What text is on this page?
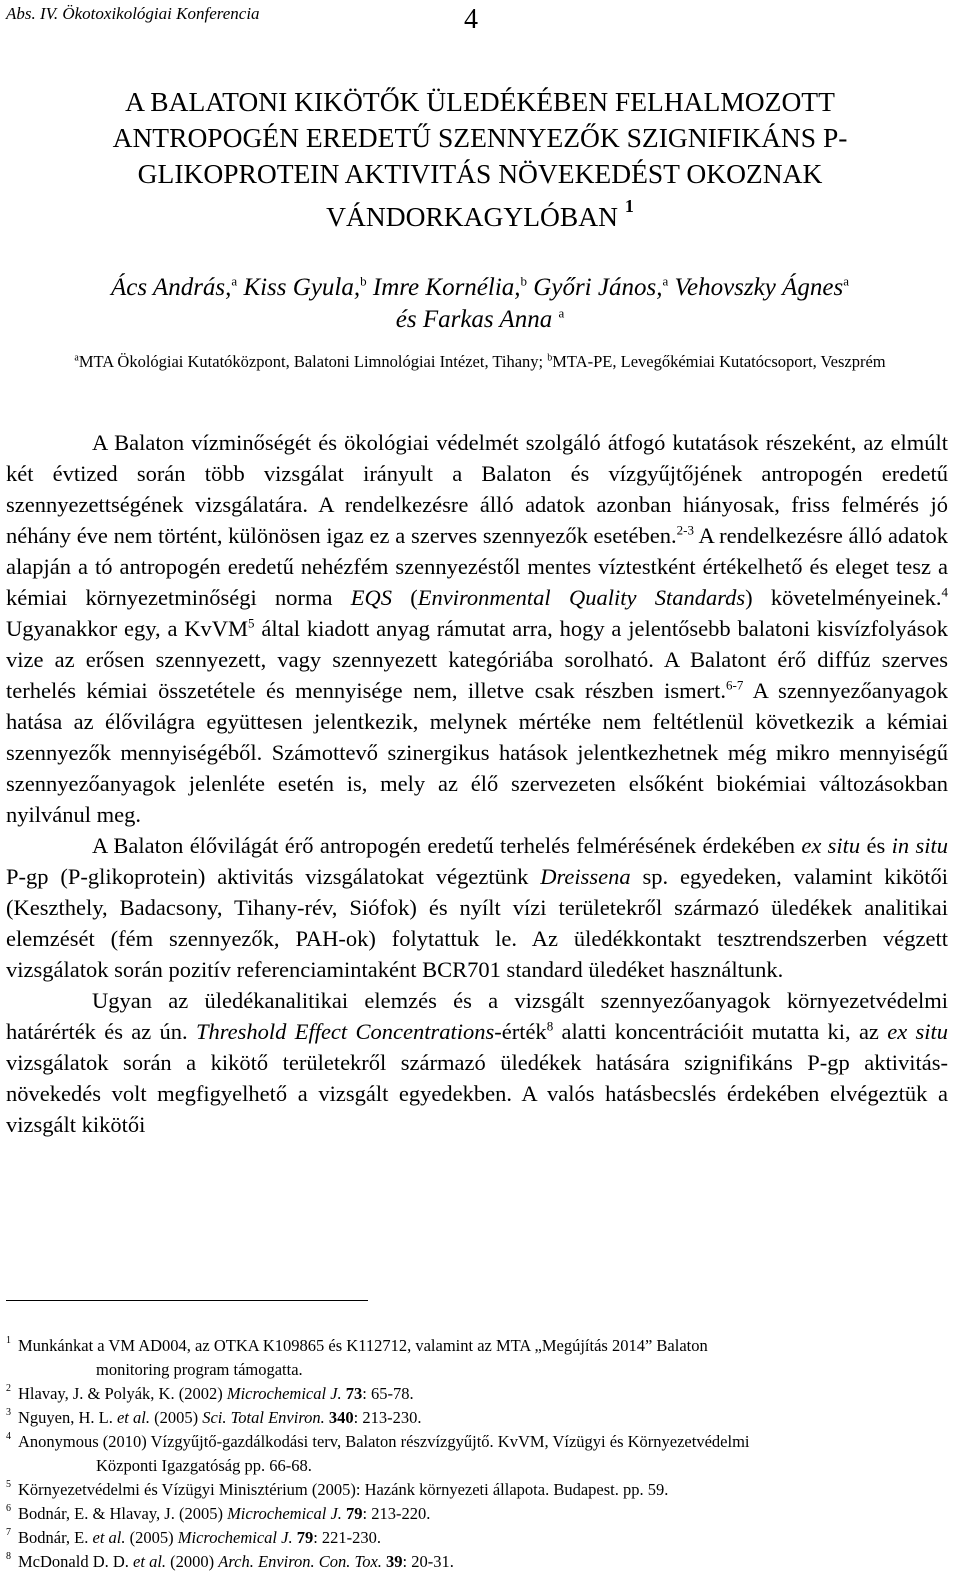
Abs. IV. Ökotoxikológiai Konferencia	4
A BALATONI KIKÖTŐK ÜLEDÉKÉBEN FELHALMOZOTT ANTROPOGÉN EREDETŰ SZENNYEZŐK SZIGNIFIKÁNS P-GLIKOPROTEIN AKTIVITÁS NÖVEKEDÉST OKOZNAK VÁNDORKAGYLÓBAN $^1$
Ács András,$^a$ Kiss Gyula,$^b$ Imre Kornélia,$^b$ Győri János,$^a$ Vehovszky Ágnes$^a$
és Farkas Anna $^a$
$^a$MTA Ökológiai Kutatóközpont, Balatoni Limnológiai Intézet, Tihany; $^b$MTA-PE, Levegőkémiai Kutatócsoport, Veszprém

A Balaton vízminőségét és ökológiai védelmét szolgáló átfogó kutatások részeként, az elmúlt két évtized során több vizsgálat irányult a Balaton és vízgyűjtőjének antropogén eredetű szennyezettségének vizsgálatára. A rendelkezésre álló adatok azonban hiányosak, friss felmérés jó néhány éve nem történt, különösen igaz ez a szerves szennyezők esetében.$^{2-3}$ A rendelkezésre álló adatok alapján a tó antropogén eredetű nehézfém szennyezéstől mentes víztestként értékelhető és eleget tesz a kémiai környezetminőségi norma EQS (Environmental Quality Standards) követelményeinek.$^4$ Ugyanakkor egy, a KvVM$^5$ által kiadott anyag rámutat arra, hogy a jelentősebb balatoni kisvízfolyások vize az erősen szennyezett, vagy szennyezett kategóriába sorolható. A Balatont érő diffúz szerves terhelés kémiai összetétele és mennyisége nem, illetve csak részben ismert.$^{6-7}$ A szennyezőanyagok hatása az élővilágra együttesen jelentkezik, melynek mértéke nem feltétlenül következik a kémiai szennyezők mennyiségéből. Számottevő szinergikus hatások jelentkezhetnek még mikro mennyiségű szennyezőanyagok jelenléte esetén is, mely az élő szervezeten elsőként biokémiai változásokban nyilvánul meg.

A Balaton élővilágát érő antropogén eredetű terhelés felmérésének érdekében ex situ és in situ P-gp (P-glikoprotein) aktivitás vizsgálatokat végeztünk Dreissena sp. egyedeken, valamint kikötői (Keszthely, Badacsony, Tihany-rév, Siófok) és nyílt vízi területekről származó üledékek analitikai elemzését (fém szennyezők, PAH-ok) folytattuk le. Az üledékkontakt tesztrendszerben végzett vizsgálatok során pozitív referenciamintaként BCR701 standard üledéket használtunk.

Ugyan az üledékanalitikai elemzés és a vizsgált szennyezőanyagok környezetvédelmi határérték és az ún. Threshold Effect Concentrations-érték$^8$ alatti koncentrációit mutatta ki, az ex situ vizsgálatok során a kikötő területekről származó üledékek hatására szignifikáns P-gp aktivitás-növekedés volt megfigyelhető a vizsgált egyedekben. A valós hatásbecslés érdekében elvégeztük a vizsgált kikötői

1 Munkánkat a VM AD004, az OTKA K109865 és K112712, valamint az MTA „Megújítás 2014” Balaton
monitoring program támogatta.
2 Hlavay, J. & Polyák, K. (2002) Microchemical J. 73: 65-78.
3 Nguyen, H. L. et al. (2005) Sci. Total Environ. 340: 213-230.
4 Anonymous (2010) Vízgyűjtő-gazdálkodási terv, Balaton részvízgyűjtő. KvVM, Vízügyi és Környezetvédelmi
Központi Igazgatóság pp. 66-68.
5 Környezetvédelmi és Vízügyi Minisztérium (2005): Hazánk környezeti állapota. Budapest. pp. 59.
6 Bodnár, E. & Hlavay, J. (2005) Microchemical J. 79: 213-220.
7 Bodnár, E. et al. (2005) Microchemical J. 79: 221-230.
8 McDonald D. D. et al. (2000) Arch. Environ. Con. Tox. 39: 20-31.
